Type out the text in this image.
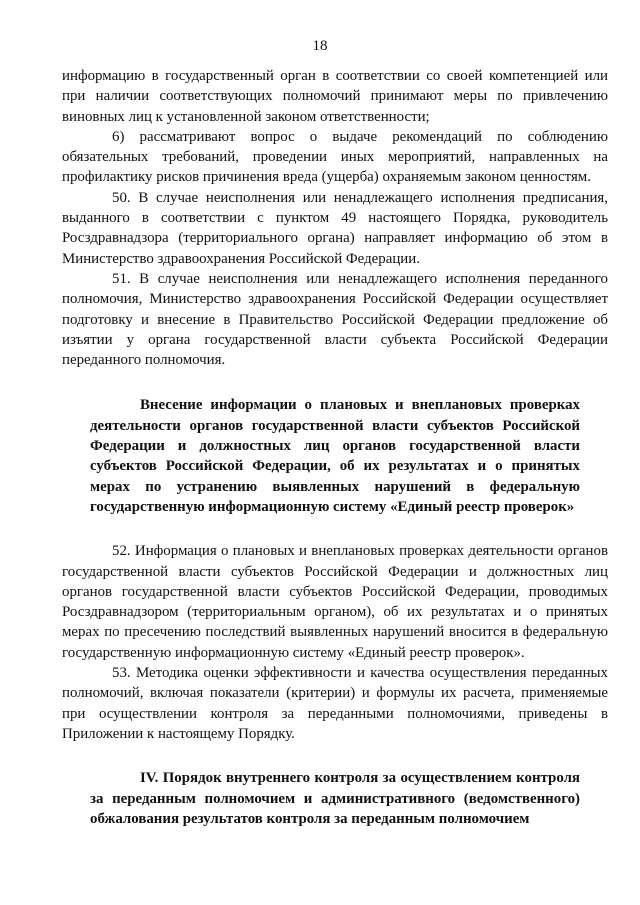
18

информацию в государственный орган в соответствии со своей компетенцией или при наличии соответствующих полномочий принимают меры по привлечению виновных лиц к установленной законом ответственности;

6) рассматривают вопрос о выдаче рекомендаций по соблюдению обязательных требований, проведении иных мероприятий, направленных на профилактику рисков причинения вреда (ущерба) охраняемым законом ценностям.

50. В случае неисполнения или ненадлежащего исполнения предписания, выданного в соответствии с пунктом 49 настоящего Порядка, руководитель Росздравнадзора (территориального органа) направляет информацию об этом в Министерство здравоохранения Российской Федерации.

51. В случае неисполнения или ненадлежащего исполнения переданного полномочия, Министерство здравоохранения Российской Федерации осуществляет подготовку и внесение в Правительство Российской Федерации предложение об изъятии у органа государственной власти субъекта Российской Федерации переданного полномочия.

Внесение информации о плановых и внеплановых проверках деятельности органов государственной власти субъектов Российской Федерации и должностных лиц органов государственной власти субъектов Российской Федерации, об их результатах и о принятых мерах по устранению выявленных нарушений в федеральную государственную информационную систему «Единый реестр проверок»

52. Информация о плановых и внеплановых проверках деятельности органов государственной власти субъектов Российской Федерации и должностных лиц органов государственной власти субъектов Российской Федерации, проводимых Росздравнадзором (территориальным органом), об их результатах и о принятых мерах по пресечению последствий выявленных нарушений вносится в федеральную государственную информационную систему «Единый реестр проверок».

53. Методика оценки эффективности и качества осуществления переданных полномочий, включая показатели (критерии) и формулы их расчета, применяемые при осуществлении контроля за переданными полномочиями, приведены в Приложении к настоящему Порядку.

IV. Порядок внутреннего контроля за осуществлением контроля за переданным полномочием и административного (ведомственного) обжалования результатов контроля за переданным полномочием
